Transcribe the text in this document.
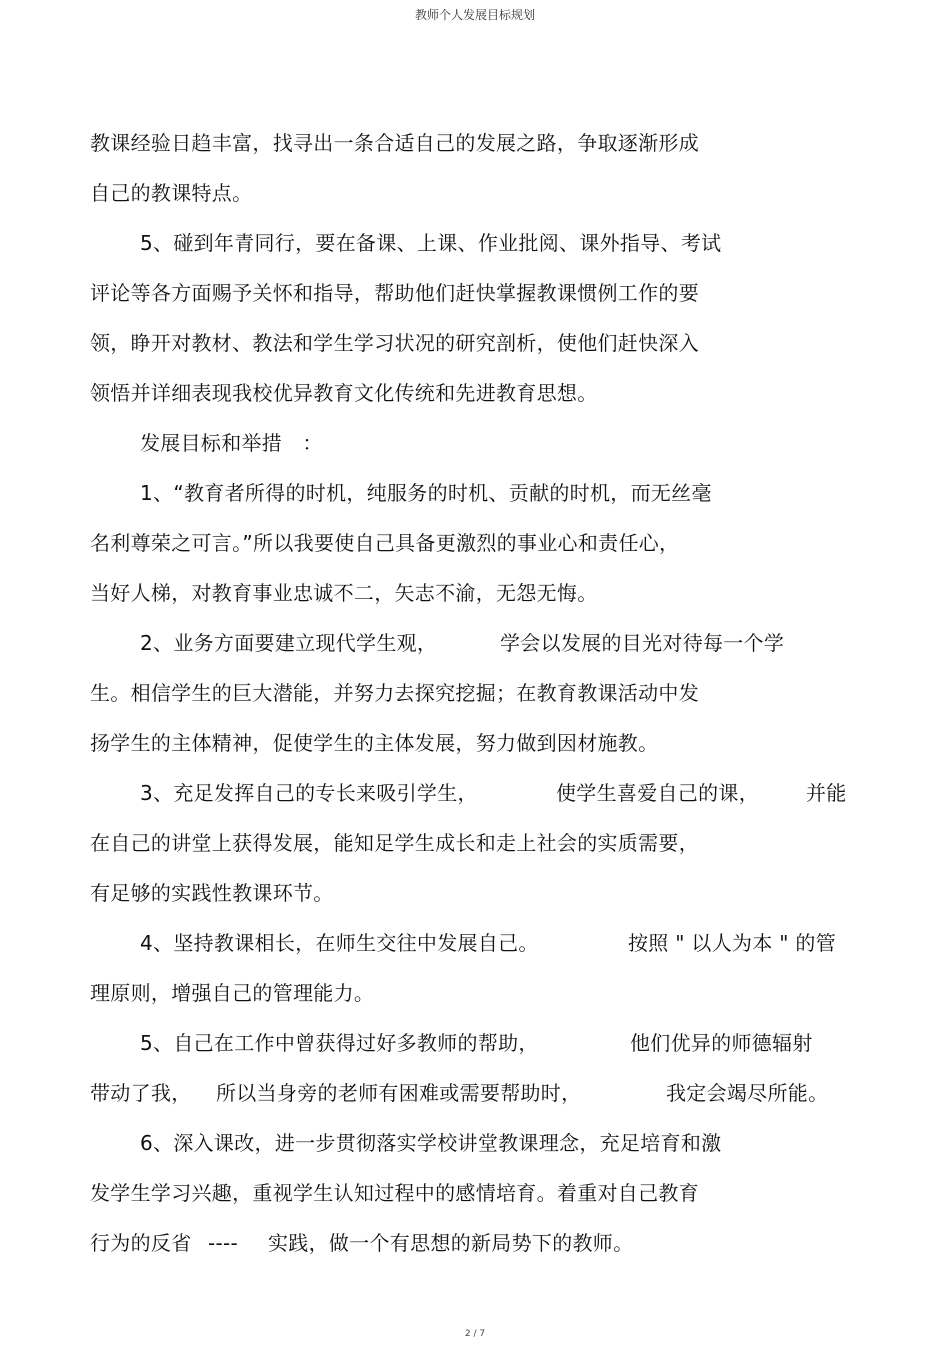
教师个人发展目标规划
教课经验日趋丰富，找寻出一条合适自己的发展之路，争取逐渐形成
自己的教课特点。
5、碰到年青同行，要在备课、上课、作业批阅、课外指导、考试
评论等各方面赐予关怀和指导，帮助他们赶快掌握教课惯例工作的要
领，睁开对教材、教法和学生学习状况的研究剖析，使他们赶快深入
领悟并详细表现我校优异教育文化传统和先进教育思想。
发展目标和举措　：
1、“教育者所得的时机，纯服务的时机、贡献的时机，而无丝毫
名利尊荣之可言。”所以我要使自己具备更激烈的事业心和责任心，
当好人梯，对教育事业忠诚不二，矢志不渝，无怨无悔。
2、业务方面要建立现代学生观，	学会以发展的目光对待每一个学
生。相信学生的巨大潜能，并努力去探究挖掘；在教育教课活动中发
扬学生的主体精神，促使学生的主体发展，努力做到因材施教。
3、充足发挥自己的专长来吸引学生，	使学生喜爱自己的课， 并能
在自己的讲堂上获得发展，能知足学生成长和走上社会的实质需要，
有足够的实践性教课环节。
4、坚持教课相长，在师生交往中发展自己。	按照 " 以人为本 " 的管
理原则，增强自己的管理能力。
5、自己在工作中曾获得过好多教师的帮助，	他们优异的师德辐射
带动了我， 所以当身旁的老师有困难或需要帮助时，	我定会竭尽所能。
6、深入课改，进一步贯彻落实学校讲堂教课理念，充足培育和激
发学生学习兴趣，重视学生认知过程中的感情培育。着重对自己教育
行为的反省 ---- 实践，做一个有思想的新局势下的教师。
2 / 7
